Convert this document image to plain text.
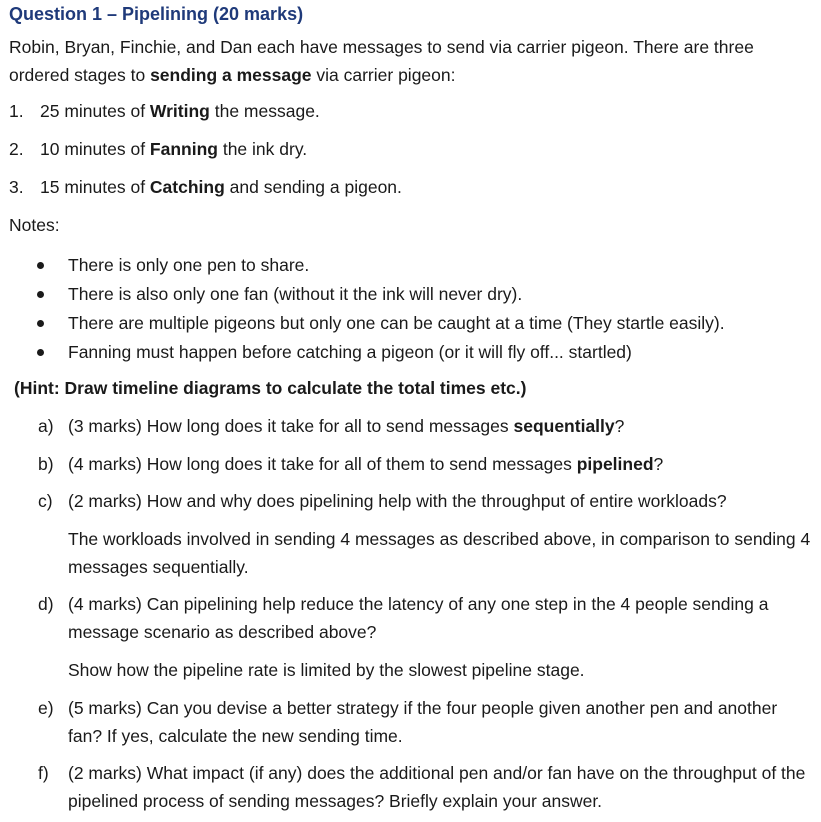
Question 1 – Pipelining (20 marks)

Robin, Bryan, Finchie, and Dan each have messages to send via carrier pigeon. There are three ordered stages to sending a message via carrier pigeon:

1. 25 minutes of Writing the message.
2. 10 minutes of Fanning the ink dry.
3. 15 minutes of Catching and sending a pigeon.

Notes:

There is only one pen to share.
There is also only one fan (without it the ink will never dry).
There are multiple pigeons but only one can be caught at a time (They startle easily).
Fanning must happen before catching a pigeon (or it will fly off... startled)

(Hint: Draw timeline diagrams to calculate the total times etc.)

a) (3 marks) How long does it take for all to send messages sequentially?
b) (4 marks) How long does it take for all of them to send messages pipelined?
c) (2 marks) How and why does pipelining help with the throughput of entire workloads?

The workloads involved in sending 4 messages as described above, in comparison to sending 4 messages sequentially.

d) (4 marks) Can pipelining help reduce the latency of any one step in the 4 people sending a message scenario as described above?

Show how the pipeline rate is limited by the slowest pipeline stage.

e) (5 marks) Can you devise a better strategy if the four people given another pen and another fan? If yes, calculate the new sending time.
f) (2 marks) What impact (if any) does the additional pen and/or fan have on the throughput of the pipelined process of sending messages? Briefly explain your answer.
